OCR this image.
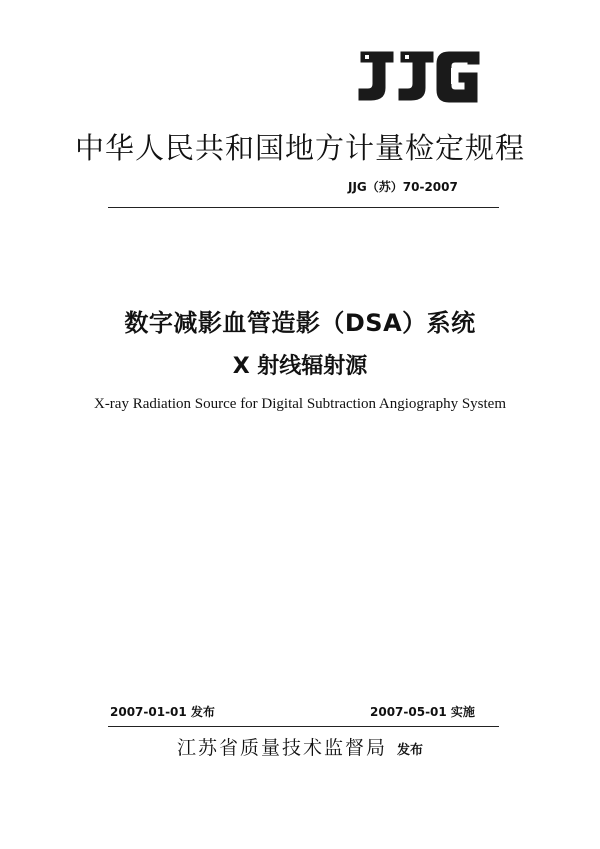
中华人民共和国地方计量检定规程
JJG（苏）70-2007
数字减影血管造影（DSA）系统
X 射线辐射源
X-ray Radiation Source for Digital Subtraction Angiography System
2007-01-01 发布	2007-05-01 实施
江苏省质量技术监督局 发布
